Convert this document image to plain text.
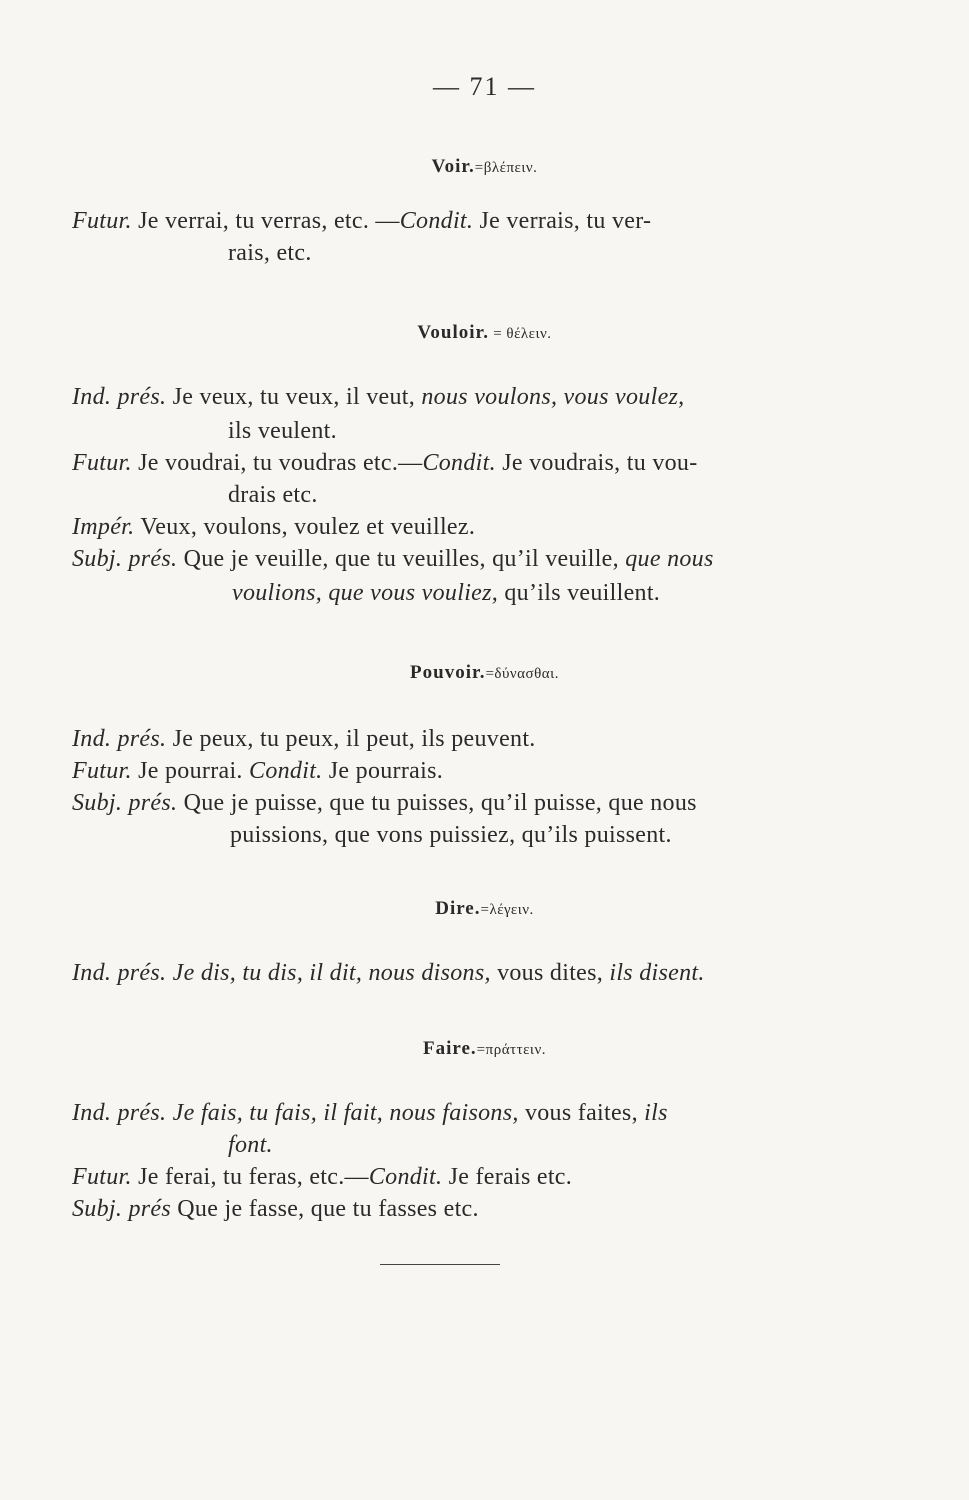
— 71 —
Voir.=βλέπειν.
Futur. Je verrai, tu verras, etc. —Condit. Je verrais, tu ver-
rais, etc.
Vouloir. = θέλειν.
Ind. prés. Je veux, tu veux, il veut, nous voulons, vous voulez,
ils veulent.
Futur. Je voudrai, tu voudras etc.—Condit. Je voudrais, tu vou-
drais etc.
Impér. Veux, voulons, voulez et veuillez.
Subj. prés. Que je veuille, que tu veuilles, qu’il veuille, que nous
voulions, que vous vouliez, qu’ils veuillent.
Pouvoir.=δύνασθαι.
Ind. prés. Je peux, tu peux, il peut, ils peuvent.
Futur. Je pourrai. Condit. Je pourrais.
Subj. prés. Que je puisse, que tu puisses, qu’il puisse, que nous
puissions, que vons puissiez, qu’ils puissent.
Dire.=λέγειν.
Ind. prés. Je dis, tu dis, il dit, nous disons, vous dites, ils disent.
Faire.=πράττειν.
Ind. prés. Je fais, tu fais, il fait, nous faisons, vous faites, ils
font.
Futur. Je ferai, tu feras, etc.—Condit. Je ferais etc.
Subj. prés Que je fasse, que tu fasses etc.
